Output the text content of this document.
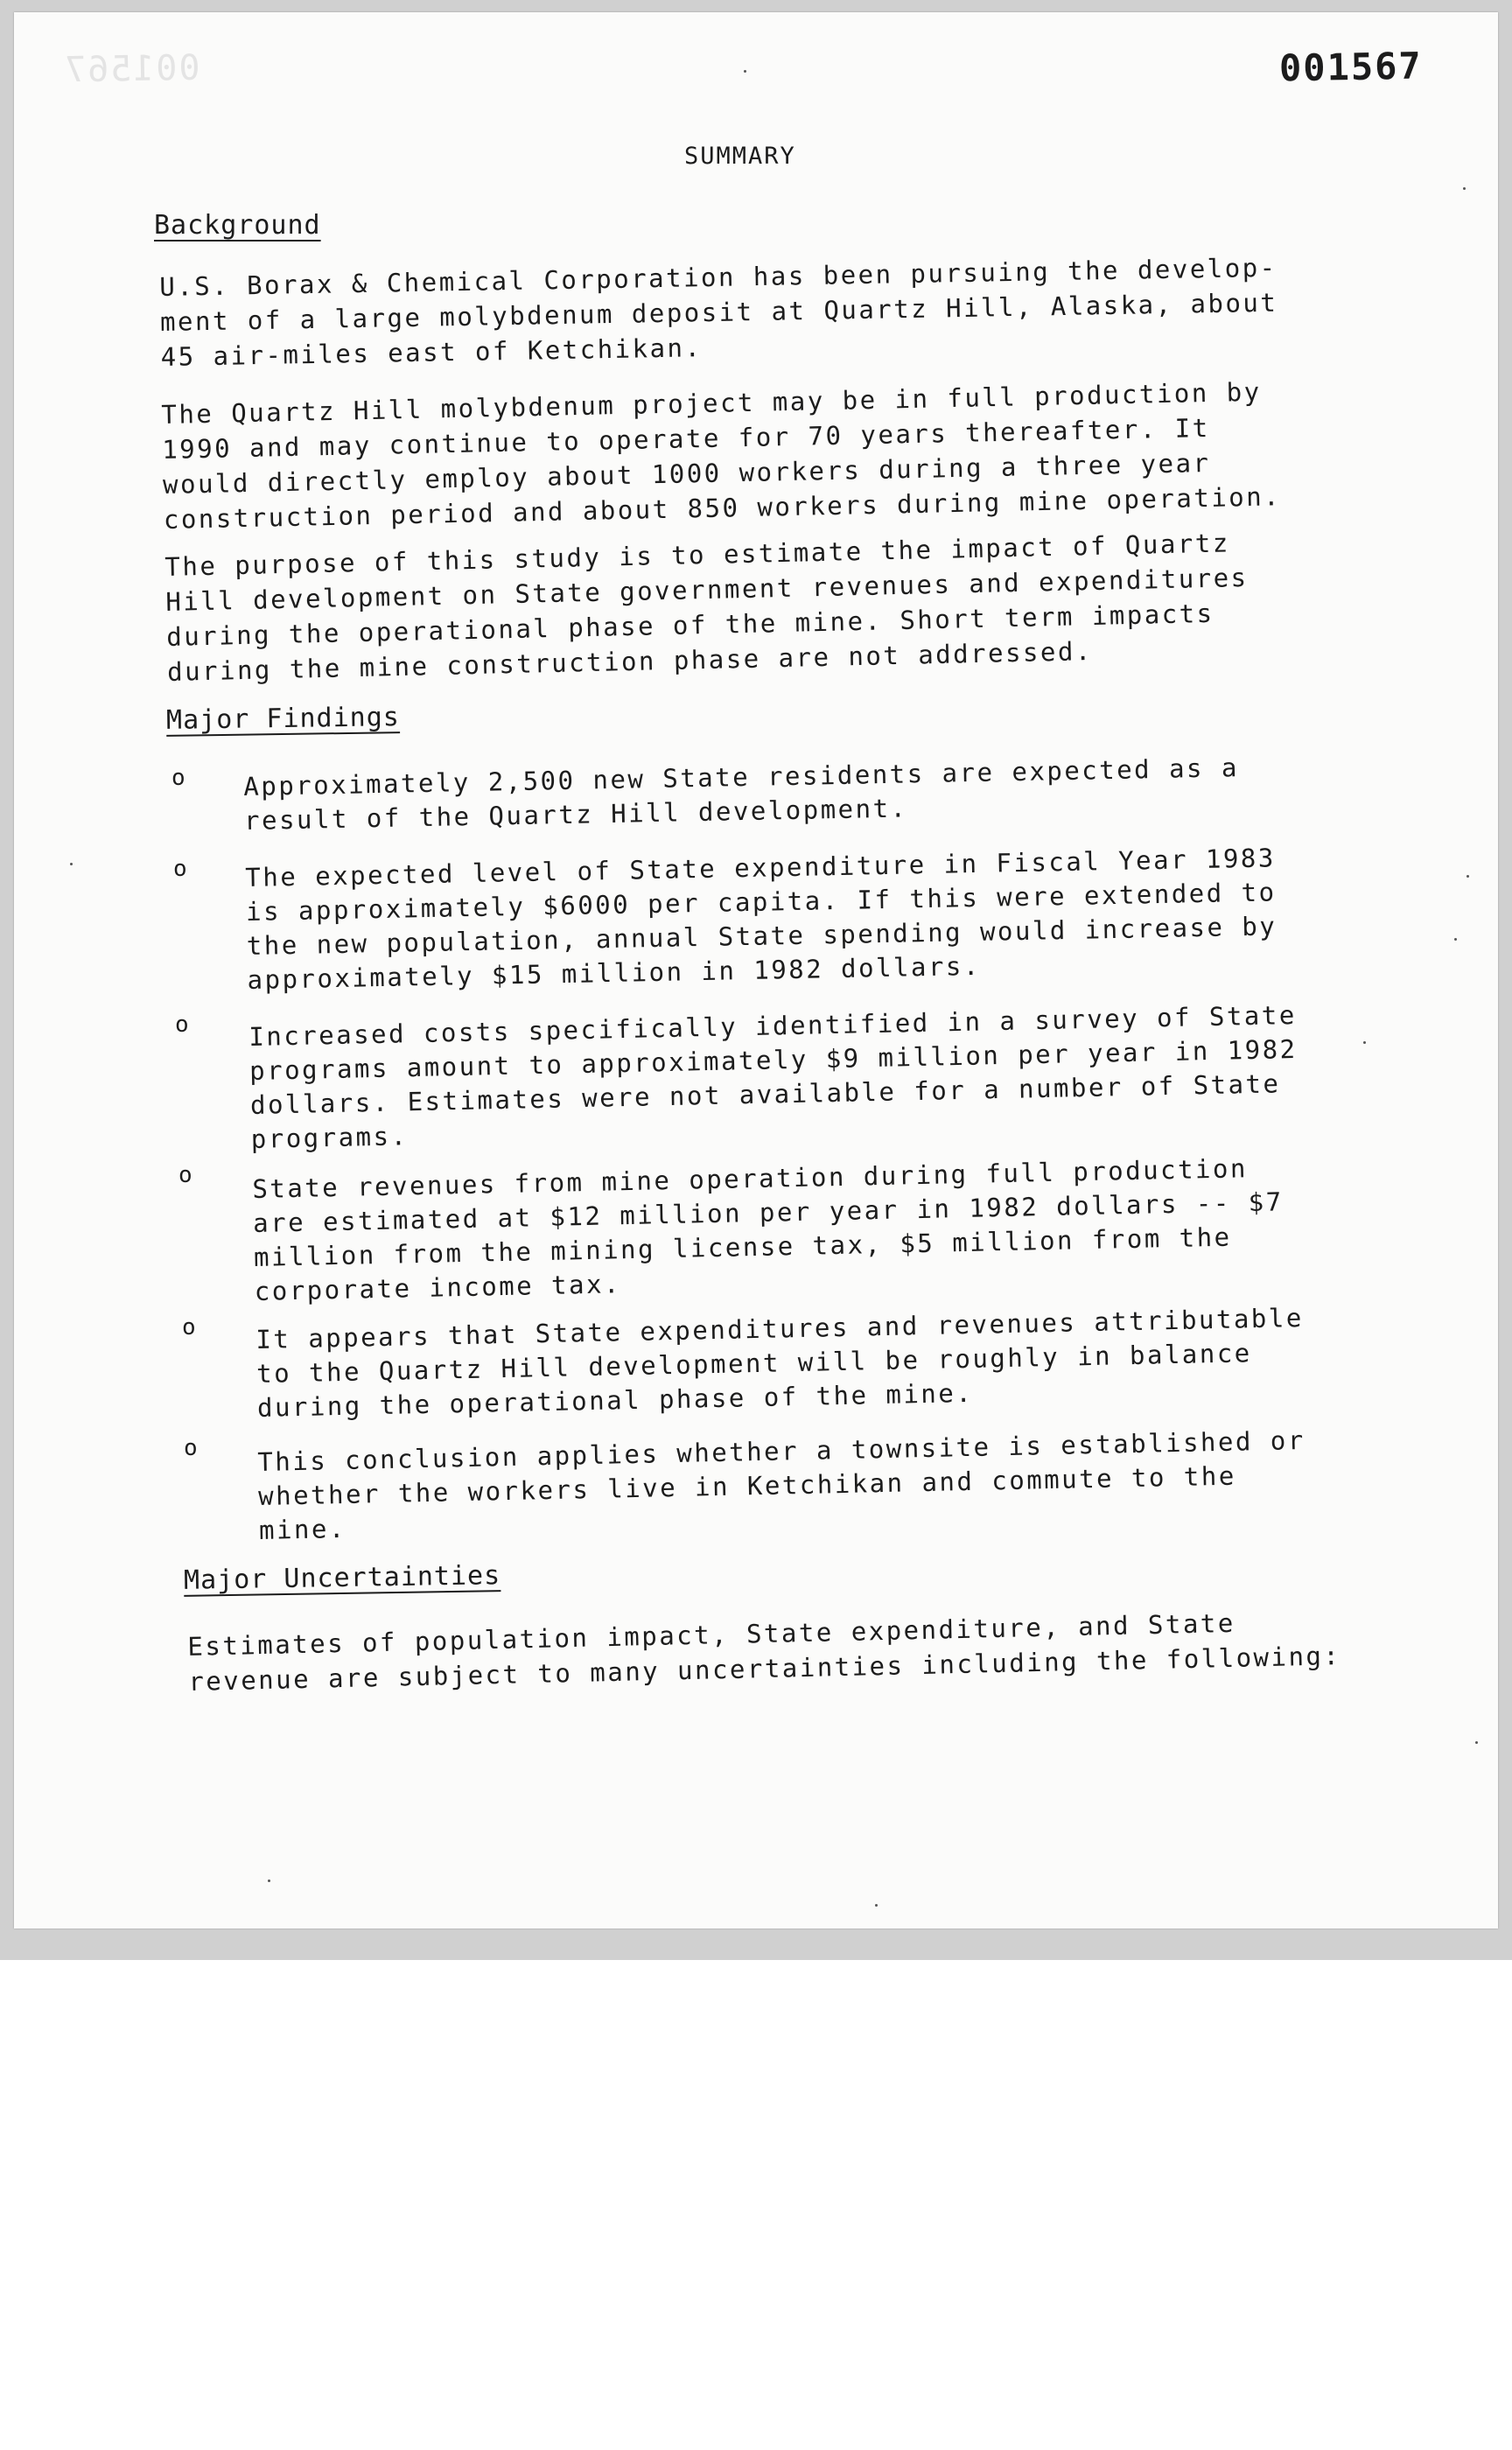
001567	001567
SUMMARY
Background
U.S. Borax & Chemical Corporation has been pursuing the develop-
ment of a large molybdenum deposit at Quartz Hill, Alaska, about
45 air-miles east of Ketchikan.
The Quartz Hill molybdenum project may be in full production by
1990 and may continue to operate for 70 years thereafter. It
would directly employ about 1000 workers during a three year
construction period and about 850 workers during mine operation.
The purpose of this study is to estimate the impact of Quartz
Hill development on State government revenues and expenditures
during the operational phase of the mine. Short term impacts
during the mine construction phase are not addressed.
Major Findings
o Approximately 2,500 new State residents are expected as a
result of the Quartz Hill development.
o The expected level of State expenditure in Fiscal Year 1983
is approximately $6000 per capita. If this were extended to
the new population, annual State spending would increase by
approximately $15 million in 1982 dollars.
o Increased costs specifically identified in a survey of State
programs amount to approximately $9 million per year in 1982
dollars. Estimates were not available for a number of State
programs.
o State revenues from mine operation during full production
are estimated at $12 million per year in 1982 dollars -- $7
million from the mining license tax, $5 million from the
corporate income tax.
o It appears that State expenditures and revenues attributable
to the Quartz Hill development will be roughly in balance
during the operational phase of the mine.
o This conclusion applies whether a townsite is established or
whether the workers live in Ketchikan and commute to the
mine.
Major Uncertainties
Estimates of population impact, State expenditure, and State
revenue are subject to many uncertainties including the following:
